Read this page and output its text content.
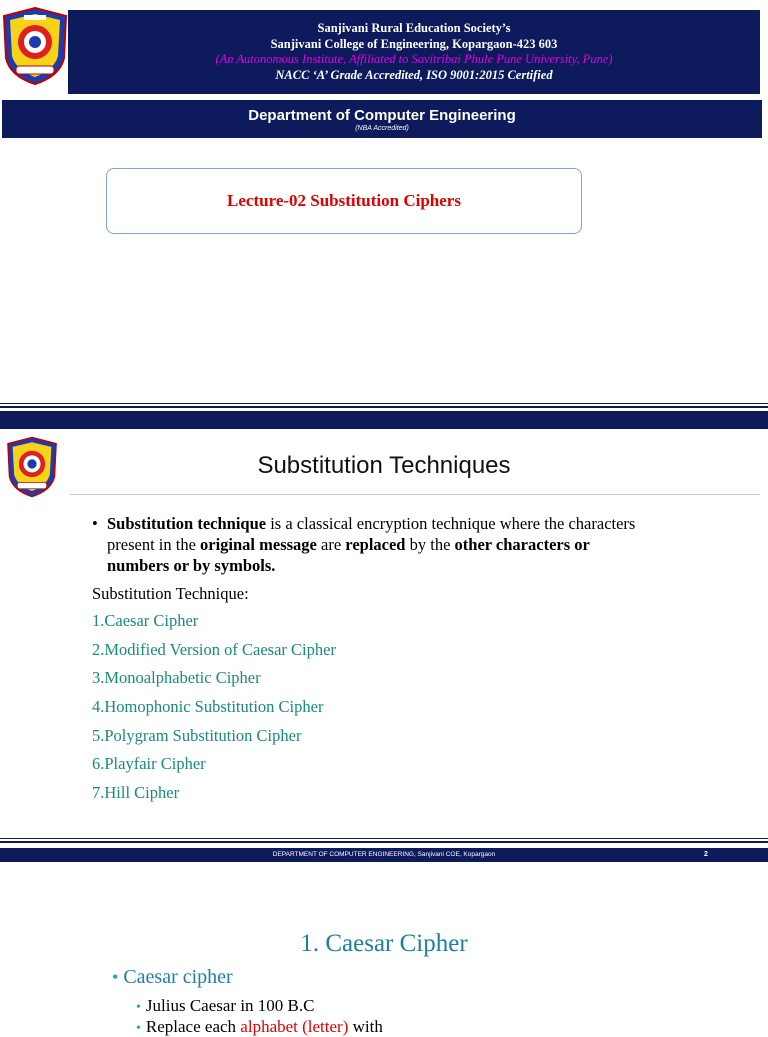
Sanjivani Rural Education Society’s
Sanjivani College of Engineering, Kopargaon-423 603
(An Autonomous Institute, Affiliated to Savitribai Phule Pune University, Pune)
NACC ‘A’ Grade Accredited, ISO 9001:2015 Certified
Department of Computer Engineering
(NBA Accredited)
Lecture-02 Substitution Ciphers
Substitution Techniques
• Substitution technique is a classical encryption technique where the characters present in the original message are replaced by the other characters or numbers or by symbols.
Substitution Technique:
1.Caesar Cipher
2.Modified Version of Caesar Cipher
3.Monoalphabetic Cipher
4.Homophonic Substitution Cipher
5.Polygram Substitution Cipher
6.Playfair Cipher
7.Hill Cipher
DEPARTMENT OF COMPUTER ENGINEERING, Sanjivani COE, Kopargaon	2
1. Caesar Cipher
• Caesar cipher
• Julius Caesar in 100 B.C
• Replace each alphabet (letter) with
